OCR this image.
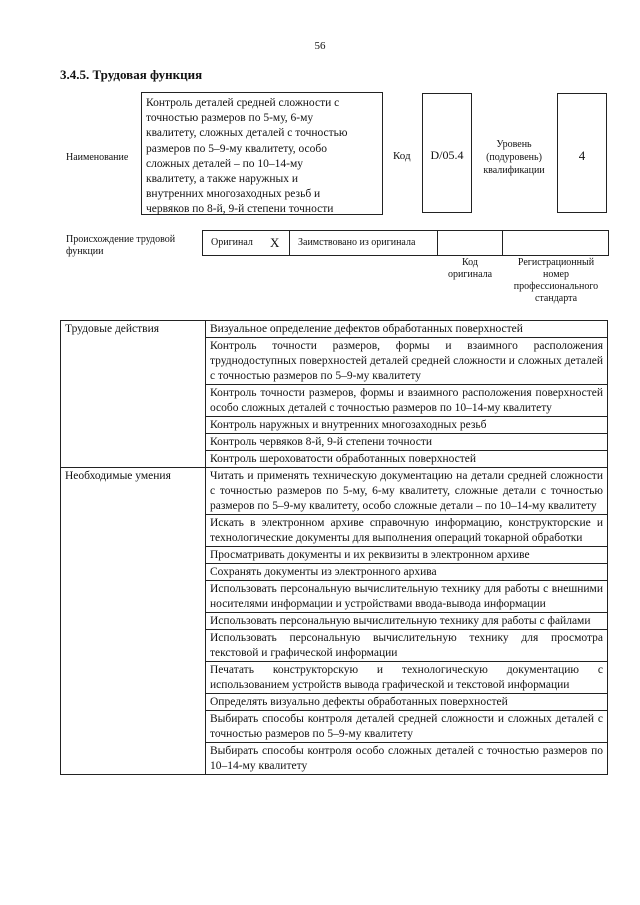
56
3.4.5. Трудовая функция
Наименование
Контроль деталей средней сложности с
точностью размеров по 5-му, 6-му
квалитету, сложных деталей с точностью
размеров по 5–9-му квалитету, особо
сложных деталей – по 10–14-му
квалитету, а также наружных и
внутренних многозаходных резьб и
червяков по 8-й, 9-й степени точности
Код	D/05.4
Уровень
(подуровень)
квалификации
4
Происхождение трудовой
функции
Оригинал X Заимствовано из оригинала
Код
оригинала
Регистрационный
номер
профессионального
стандарта
Трудовые действия	Визуальное определение дефектов обработанных поверхностей
	Контроль точности размеров, формы и взаимного расположения труднодоступных поверхностей деталей средней сложности и сложных деталей с точностью размеров по 5–9-му квалитету
	Контроль точности размеров, формы и взаимного расположения поверхностей особо сложных деталей с точностью размеров по 10–14-му квалитету
	Контроль наружных и внутренних многозаходных резьб
	Контроль червяков 8-й, 9-й степени точности
	Контроль шероховатости обработанных поверхностей
Необходимые умения	Читать и применять техническую документацию на детали средней сложности с точностью размеров по 5-му, 6-му квалитету, сложные детали с точностью размеров по 5–9-му квалитету, особо сложные детали – по 10–14-му квалитету
	Искать в электронном архиве справочную информацию, конструкторские и технологические документы для выполнения операций токарной обработки
	Просматривать документы и их реквизиты в электронном архиве
	Сохранять документы из электронного архива
	Использовать персональную вычислительную технику для работы с внешними носителями информации и устройствами ввода-вывода информации
	Использовать персональную вычислительную технику для работы с файлами
	Использовать персональную вычислительную технику для просмотра текстовой и графической информации
	Печатать конструкторскую и технологическую документацию с использованием устройств вывода графической и текстовой информации
	Определять визуально дефекты обработанных поверхностей
	Выбирать способы контроля деталей средней сложности и сложных деталей с точностью размеров по 5–9-му квалитету
	Выбирать способы контроля особо сложных деталей с точностью размеров по 10–14-му квалитету
